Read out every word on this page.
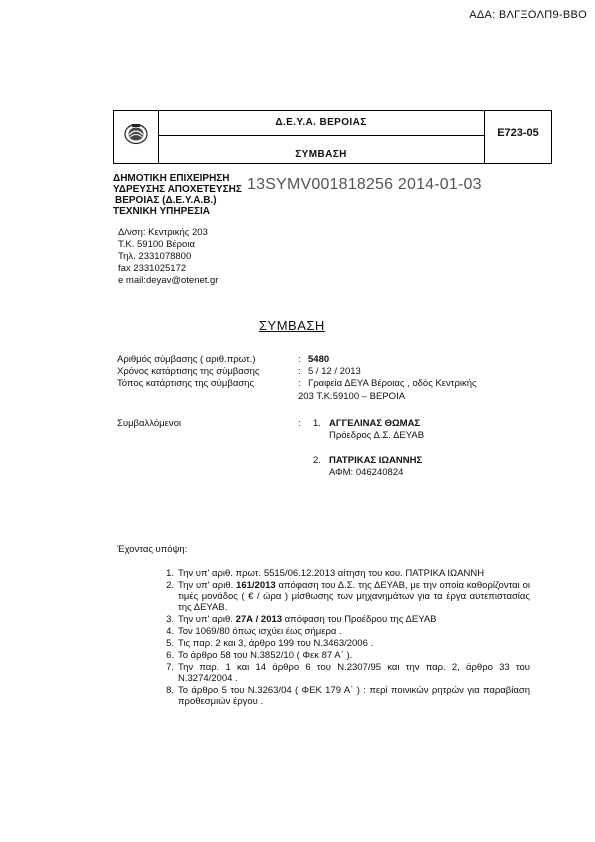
ΑΔΑ: ΒΛΓΞΟΛΠ9-ΒΒΟ
Δ.Ε.Υ.Α. ΒΕΡΟΙΑΣ
ΣΥΜΒΑΣΗ
Ε723-05
ΔΗΜΟΤΙΚΗ ΕΠΙΧΕΙΡΗΣΗ
ΥΔΡΕΥΣΗΣ ΑΠΟΧΕΤΕΥΣΗΣ
ΒΕΡΟΙΑΣ (Δ.Ε.Υ.Α.Β.)
ΤΕΧΝΙΚΗ ΥΠΗΡΕΣΙΑ
13SYMV001818256 2014-01-03
Δ/νση: Κεντρικής 203
Τ.Κ. 59100 Βέροια
Τηλ. 2331078800
fax 2331025172
e mail:deyav@otenet.gr
ΣΥΜΒΑΣΗ
Αριθμός σύμβασης ( αριθ.πρωτ.)	: 5480
Χρόνος κατάρτισης της σύμβασης	: 5 / 12 / 2013
Τόπος κατάρτισης της σύμβασης	: Γραφεία ΔΕΥΑ Βέροιας , οδός Κεντρικής
203 Τ.Κ.59100 – ΒΕΡΟΙΑ
Συμβαλλόμενοι	: 1. ΑΓΓΕΛΙΝΑΣ ΘΩΜΑΣ
Πρόεδρος Δ.Σ. ΔΕΥΑΒ
2. ΠΑΤΡΙΚΑΣ ΙΩΑΝΝΗΣ
ΑΦΜ: 046240824
Έχοντας υπόψη:
1. Την υπ' αριθ. πρωτ. 5515/06.12.2013 αίτηση του κου. ΠΑΤΡΙΚΑ ΙΩΑΝΝΗ
2. Την υπ' αριθ. 161/2013 απόφαση του Δ.Σ. της ΔΕΥΑΒ, με την οποία καθορίζονται οι τιμές μονάδος ( € / ώρα ) μίσθωσης των μηχανημάτων για τα έργα αυτεπιστασίας της ΔΕΥΑΒ.
3. Την υπ' αριθ. 27Α / 2013 απόφαση του Προέδρου της ΔΕΥΑΒ
4. Τον 1069/80 όπως ισχύει έως σήμερα .
5. Τις παρ. 2 και 3, άρθρο 199 του Ν.3463/2006 .
6. Το άρθρο 58 του Ν.3852/10 ( Φεκ 87 Α΄ ).
7. Την παρ. 1 και 14 άρθρο 6 του Ν.2307/95 και την παρ. 2, άρθρο 33 του Ν.3274/2004 .
8. Το άρθρο 5 του Ν.3263/04 ( ΦΕΚ 179 Α΄ ) : περί ποινικών ρητρών για παραβίαση προθεσμιών έργου .
